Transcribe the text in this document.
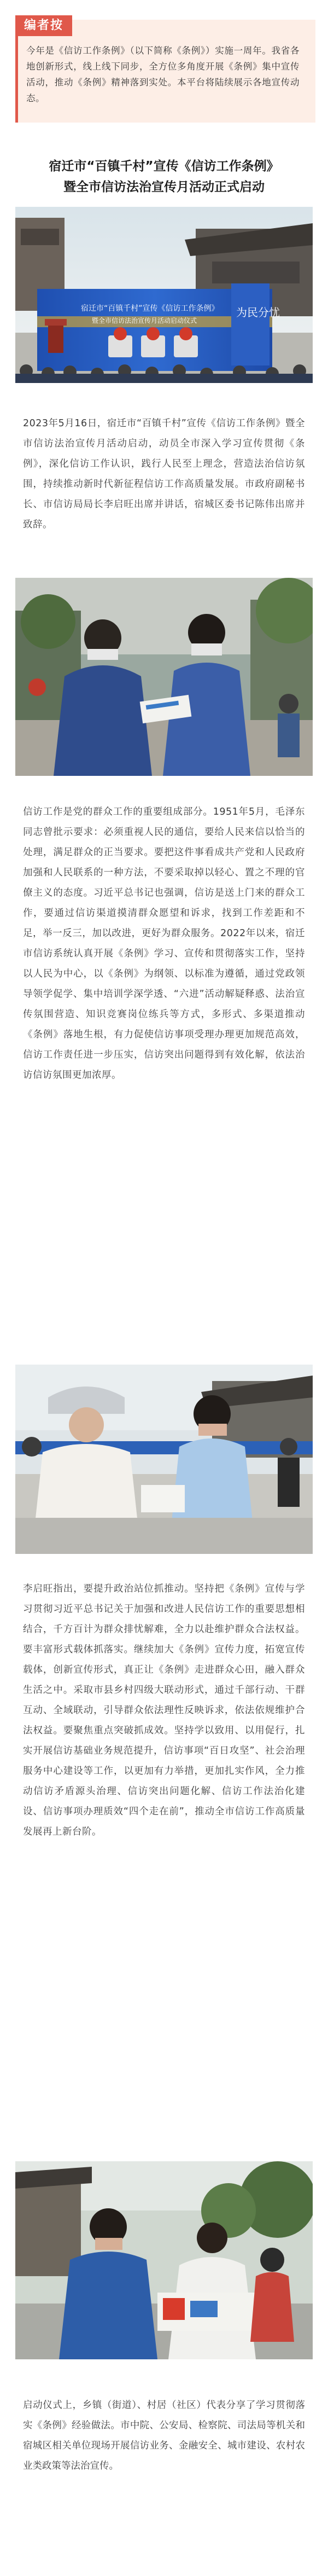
编者按
今年是《信访工作条例》（以下简称《条例》）实施一周年。我省各地创新形式，线上线下同步，全方位多角度开展《条例》集中宣传活动，推动《条例》精神落到实处。本平台将陆续展示各地宣传动态。
宿迁市“百镇千村”宣传《信访工作条例》
暨全市信访法治宣传月活动正式启动
宿迁市“百镇千村”宣传《信访工作条例》
暨全市信访法治宣传月活动启动仪式
为民分忧

2023年5月16日，宿迁市“百镇千村”宣传《信访工作条例》暨全市信访法治宣传月活动启动，动员全市深入学习宣传贯彻《条例》，深化信访工作认识，践行人民至上理念，营造法治信访氛围，持续推动新时代新征程信访工作高质量发展。市政府副秘书长、市信访局局长李启旺出席并讲话，宿城区委书记陈伟出席并致辞。

信访工作是党的群众工作的重要组成部分。1951年5月，毛泽东同志曾批示要求：必须重视人民的通信，要给人民来信以恰当的处理，满足群众的正当要求。要把这件事看成共产党和人民政府加强和人民联系的一种方法，不要采取掉以轻心、置之不理的官僚主义的态度。习近平总书记也强调，信访是送上门来的群众工作，要通过信访渠道摸清群众愿望和诉求，找到工作差距和不足，举一反三，加以改进，更好为群众服务。2022年以来，宿迁市信访系统认真开展《条例》学习、宣传和贯彻落实工作，坚持以人民为中心，以《条例》为纲领、以标准为遵循，通过党政领导领学促学、集中培训学深学透、“六进”活动解疑释惑、法治宣传氛围营造、知识竞赛岗位练兵等方式，多形式、多渠道推动《条例》落地生根，有力促使信访事项受理办理更加规范高效，信访工作责任进一步压实，信访突出问题得到有效化解，依法治访信访氛围更加浓厚。

李启旺指出，要提升政治站位抓推动。坚持把《条例》宣传与学习贯彻习近平总书记关于加强和改进人民信访工作的重要思想相结合，千方百计为群众排忧解难，全力以赴维护群众合法权益。要丰富形式载体抓落实。继续加大《条例》宣传力度，拓宽宣传载体，创新宣传形式，真正让《条例》走进群众心田，融入群众生活之中。采取市县乡村四级大联动形式，通过千部行动、干群互动、全域联动，引导群众依法理性反映诉求，依法依规维护合法权益。要聚焦重点突破抓成效。坚持学以致用、以用促行，扎实开展信访基础业务规范提升，信访事项“百日攻坚”、社会治理服务中心建设等工作，以更加有力举措，更加扎实作风，全力推动信访矛盾源头治理、信访突出问题化解、信访工作法治化建设、信访事项办理质效“四个走在前”，推动全市信访工作高质量发展再上新台阶。

启动仪式上，乡镇（街道）、村居（社区）代表分享了学习贯彻落实《条例》经验做法。市中院、公安局、检察院、司法局等机关和宿城区相关单位现场开展信访业务、金融安全、城市建设、农村农业类政策等法治宣传。
